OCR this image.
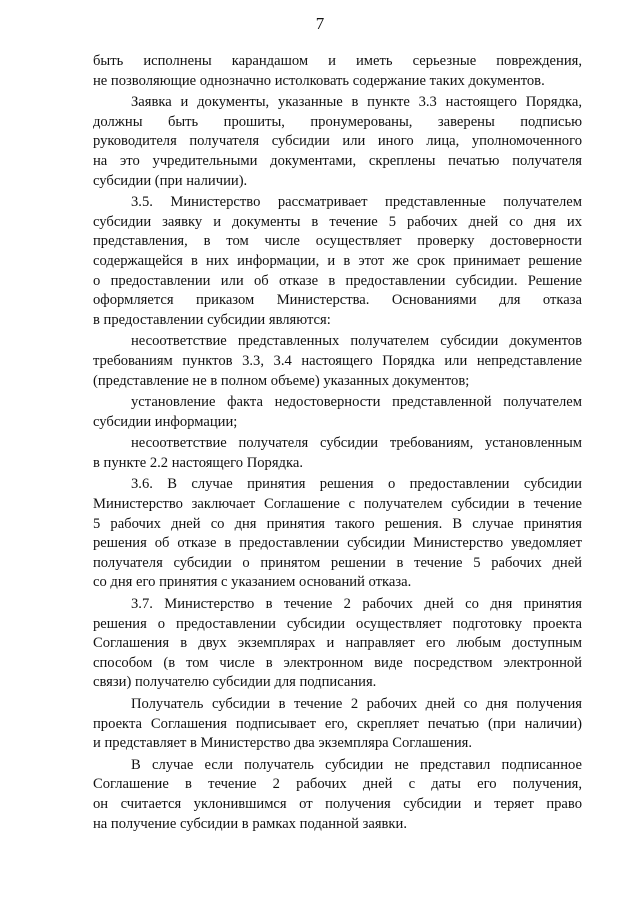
7
быть исполнены карандашом и иметь серьезные повреждения,
не позволяющие однозначно истолковать содержание таких документов.
Заявка и документы, указанные в пункте 3.3 настоящего Порядка,
должны быть прошиты, пронумерованы, заверены подписью
руководителя получателя субсидии или иного лица, уполномоченного
на это учредительными документами, скреплены печатью получателя
субсидии (при наличии).
3.5. Министерство рассматривает представленные получателем
субсидии заявку и документы в течение 5 рабочих дней со дня их
представления, в том числе осуществляет проверку достоверности
содержащейся в них информации, и в этот же срок принимает решение
о предоставлении или об отказе в предоставлении субсидии. Решение
оформляется приказом Министерства. Основаниями для отказа
в предоставлении субсидии являются:
несоответствие представленных получателем субсидии документов
требованиям пунктов 3.3, 3.4 настоящего Порядка или непредставление
(представление не в полном объеме) указанных документов;
установление факта недостоверности представленной получателем
субсидии информации;
несоответствие получателя субсидии требованиям, установленным
в пункте 2.2 настоящего Порядка.
3.6. В случае принятия решения о предоставлении субсидии
Министерство заключает Соглашение с получателем субсидии в течение
5 рабочих дней со дня принятия такого решения. В случае принятия
решения об отказе в предоставлении субсидии Министерство уведомляет
получателя субсидии о принятом решении в течение 5 рабочих дней
со дня его принятия с указанием оснований отказа.
3.7. Министерство в течение 2 рабочих дней со дня принятия
решения о предоставлении субсидии осуществляет подготовку проекта
Соглашения в двух экземплярах и направляет его любым доступным
способом (в том числе в электронном виде посредством электронной
связи) получателю субсидии для подписания.
Получатель субсидии в течение 2 рабочих дней со дня получения
проекта Соглашения подписывает его, скрепляет печатью (при наличии)
и представляет в Министерство два экземпляра Соглашения.
В случае если получатель субсидии не представил подписанное
Соглашение в течение 2 рабочих дней с даты его получения,
он считается уклонившимся от получения субсидии и теряет право
на получение субсидии в рамках поданной заявки.
